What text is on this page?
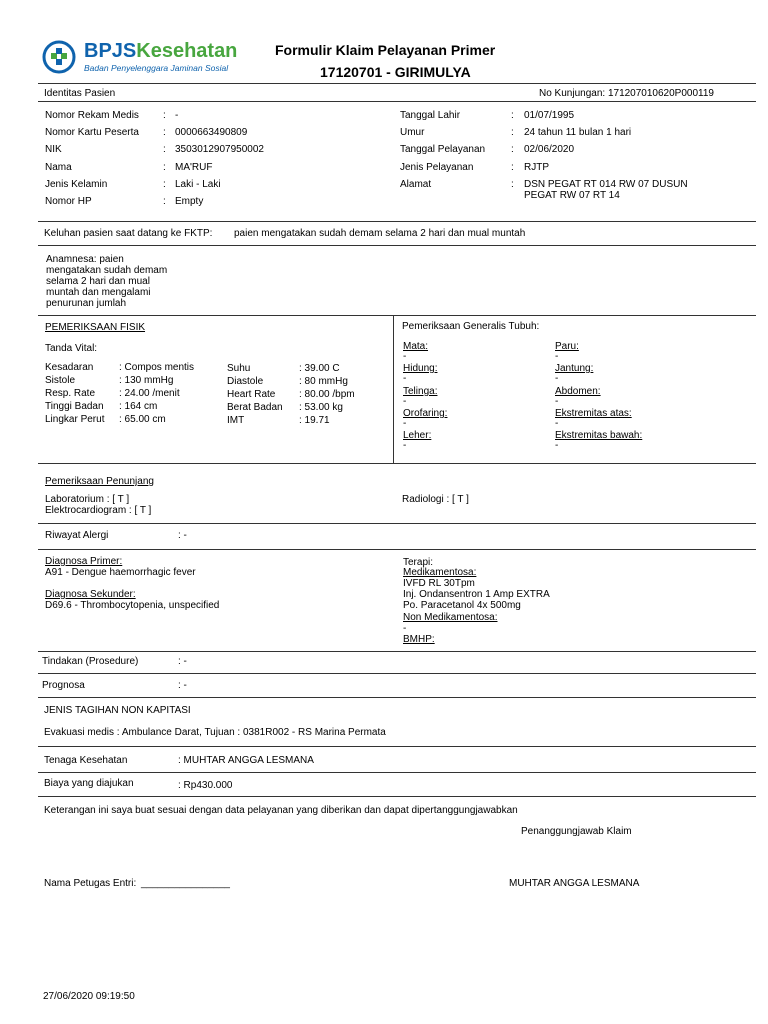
BPJSKesehatan
Badan Penyelenggara Jaminan Sosial
Formulir Klaim Pelayanan Primer
17120701 - GIRIMULYA
Identitas Pasien	No Kunjungan: 171207010620P000119
Nomor Rekam Medis : -
Nomor Kartu Peserta : 0000663490809
NIK	: 3503012907950002
Nama	: MA'RUF
Jenis Kelamin	: Laki - Laki
Nomor HP	: Empty
Tanggal Lahir	: 01/07/1995
Umur	: 24 tahun 11 bulan 1 hari
Tanggal Pelayanan	: 02/06/2020
Jenis Pelayanan	: RJTP
Alamat	: DSN PEGAT RT 014 RW 07 DUSUN
PEGAT RW 07 RT 14
Keluhan pasien saat datang ke FKTP: paien mengatakan sudah demam selama 2 hari dan mual muntah
Anamnesa: paien
mengatakan sudah demam
selama 2 hari dan mual
muntah dan mengalami
penurunan jumlah
PEMERIKSAAN FISIK
Tanda Vital:
Kesadaran	: Compos mentis
Sistole	: 130 mmHg
Resp. Rate : 24.00 /menit
Tinggi Badan : 164 cm
Lingkar Perut : 65.00 cm
Suhu	: 39.00 C
Diastole	: 80 mmHg
Heart Rate : 80.00 /bpm
Berat Badan : 53.00 kg
IMT	: 19.71
Pemeriksaan Generalis Tubuh:
Mata:
-
Hidung:
-
Telinga:
-
Orofaring:
-
Leher:
-
Paru:
-
Jantung:
-
Abdomen:
-
Ekstremitas atas:
-
Ekstremitas bawah:
-
Pemeriksaan Penunjang
Laboratorium : [ T ]
Elektrocardiogram : [ T ]
Radiologi : [ T ]
Riwayat Alergi	: -
Diagnosa Primer:
A91 - Dengue haemorrhagic fever
Diagnosa Sekunder:
D69.6 - Thrombocytopenia, unspecified
Terapi:
Medikamentosa:
IVFD RL 30Tpm
Inj. Ondansentron 1 Amp EXTRA
Po. Paracetanol 4x 500mg
Non Medikamentosa:
-
BMHP:
Tindakan (Prosedure)	: -
Prognosa	: -
JENIS TAGIHAN NON KAPITASI
Evakuasi medis : Ambulance Darat, Tujuan : 0381R002 - RS Marina Permata
Tenaga Kesehatan	: MUHTAR ANGGA LESMANA
Biaya yang diajukan	: Rp430.000
Keterangan ini saya buat sesuai dengan data pelayanan yang diberikan dan dapat dipertanggungjawabkan
Penanggungjawab Klaim
Nama Petugas Entri: ________________	MUHTAR ANGGA LESMANA
27/06/2020 09:19:50
